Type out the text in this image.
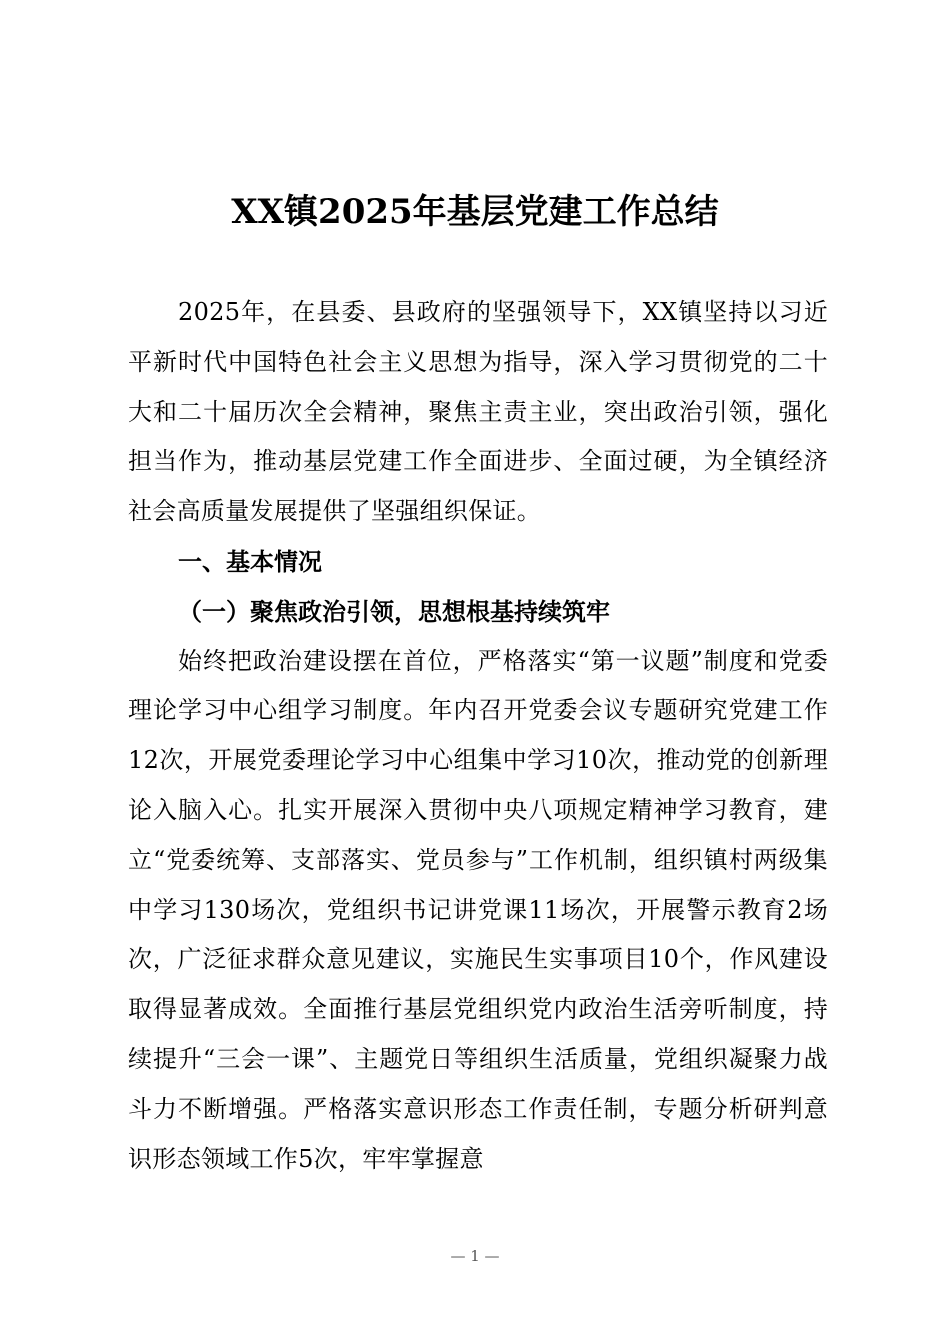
XX镇2025年基层党建工作总结

2025年，在县委、县政府的坚强领导下，XX镇坚持以习近平新时代中国特色社会主义思想为指导，深入学习贯彻党的二十大和二十届历次全会精神，聚焦主责主业，突出政治引领，强化担当作为，推动基层党建工作全面进步、全面过硬，为全镇经济社会高质量发展提供了坚强组织保证。

一、基本情况

（一）聚焦政治引领，思想根基持续筑牢

始终把政治建设摆在首位，严格落实“第一议题”制度和党委理论学习中心组学习制度。年内召开党委会议专题研究党建工作12次，开展党委理论学习中心组集中学习10次，推动党的创新理论入脑入心。扎实开展深入贯彻中央八项规定精神学习教育，建立“党委统筹、支部落实、党员参与”工作机制，组织镇村两级集中学习130场次，党组织书记讲党课11场次，开展警示教育2场次，广泛征求群众意见建议，实施民生实事项目10个，作风建设取得显著成效。全面推行基层党组织党内政治生活旁听制度，持续提升“三会一课”、主题党日等组织生活质量，党组织凝聚力战斗力不断增强。严格落实意识形态工作责任制，专题分析研判意识形态领域工作5次，牢牢掌握意

— 1 —
